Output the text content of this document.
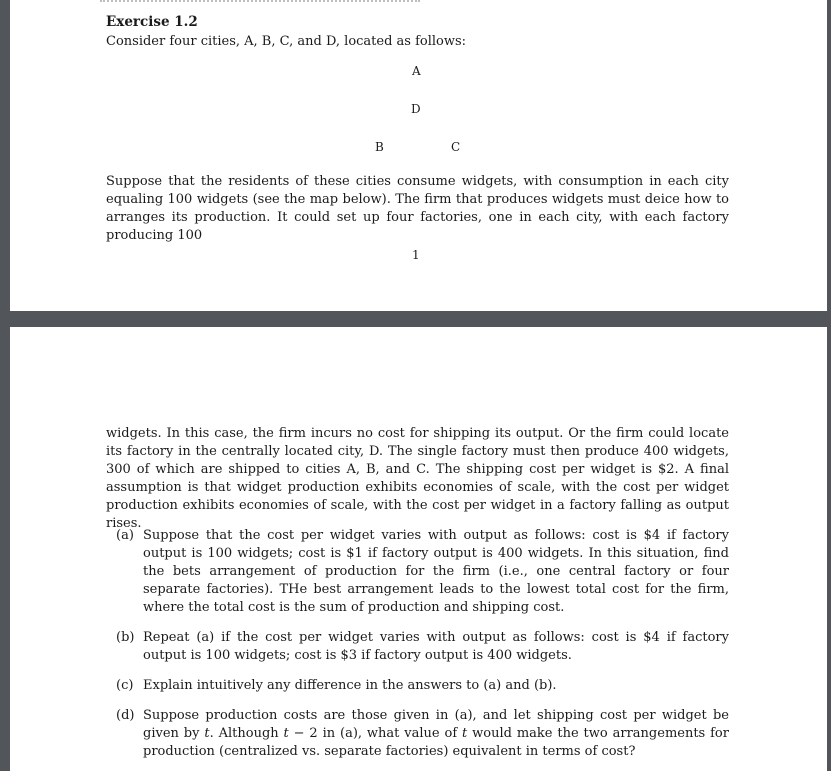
Exercise 1.2

Consider four cities, A, B, C, and D, located as follows:

A
D
B	C

Suppose that the residents of these cities consume widgets, with consumption in each city equaling 100 widgets (see the map below). The firm that produces widgets must deice how to arranges its production. It could set up four factories, one in each city, with each factory producing 100

1

widgets. In this case, the firm incurs no cost for shipping its output. Or the firm could locate its factory in the centrally located city, D. The single factory must then produce 400 widgets, 300 of which are shipped to cities A, B, and C. The shipping cost per widget is $2. A final assumption is that widget production exhibits economies of scale, with the cost per widget production exhibits economies of scale, with the cost per widget in a factory falling as output rises.

(a) Suppose that the cost per widget varies with output as follows: cost is $4 if factory output is 100 widgets; cost is $1 if factory output is 400 widgets. In this situation, find the bets arrangement of production for the firm (i.e., one central factory or four separate factories). THe best arrangement leads to the lowest total cost for the firm, where the total cost is the sum of production and shipping cost.
(b) Repeat (a) if the cost per widget varies with output as follows: cost is $4 if factory output is 100 widgets; cost is $3 if factory output is 400 widgets.
(c) Explain intuitively any difference in the answers to (a) and (b).
(d) Suppose production costs are those given in (a), and let shipping cost per widget be given by t. Although t − 2 in (a), what value of t would make the two arrangements for production (centralized vs. separate factories) equivalent in terms of cost?
